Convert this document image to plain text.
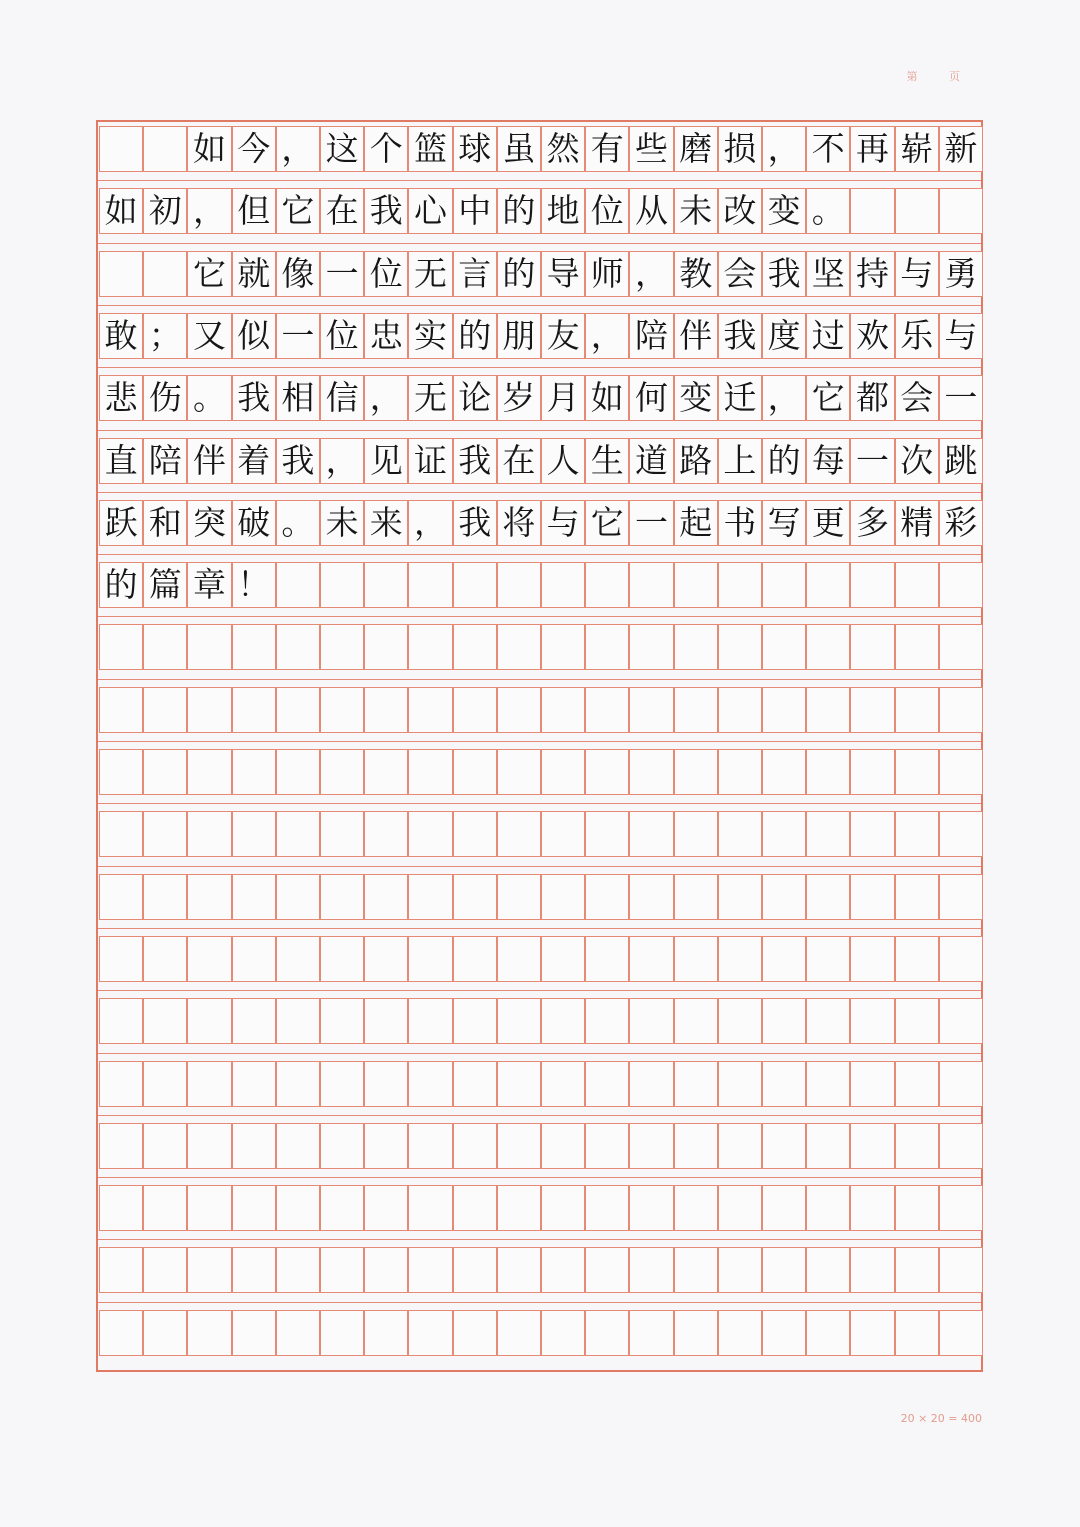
第 页

如 今 ， 这 个 篮 球 虽 然 有 些 磨 损 ， 不 再 崭 新
如 初 ， 但 它 在 我 心 中 的 地 位 从 未 改 变 。

它 就 像 一 位 无 言 的 导 师 ， 教 会 我 坚 持 与 勇
敢 ； 又 似 一 位 忠 实 的 朋 友 ， 陪 伴 我 度 过 欢 乐 与
悲 伤 。 我 相 信 ， 无 论 岁 月 如 何 变 迁 ， 它 都 会 一
直 陪 伴 着 我 ， 见 证 我 在 人 生 道 路 上 的 每 一 次 跳
跃 和 突 破 。 未 来 ， 我 将 与 它 一 起 书 写 更 多 精 彩
的 篇 章 ！
20 × 20 = 400
